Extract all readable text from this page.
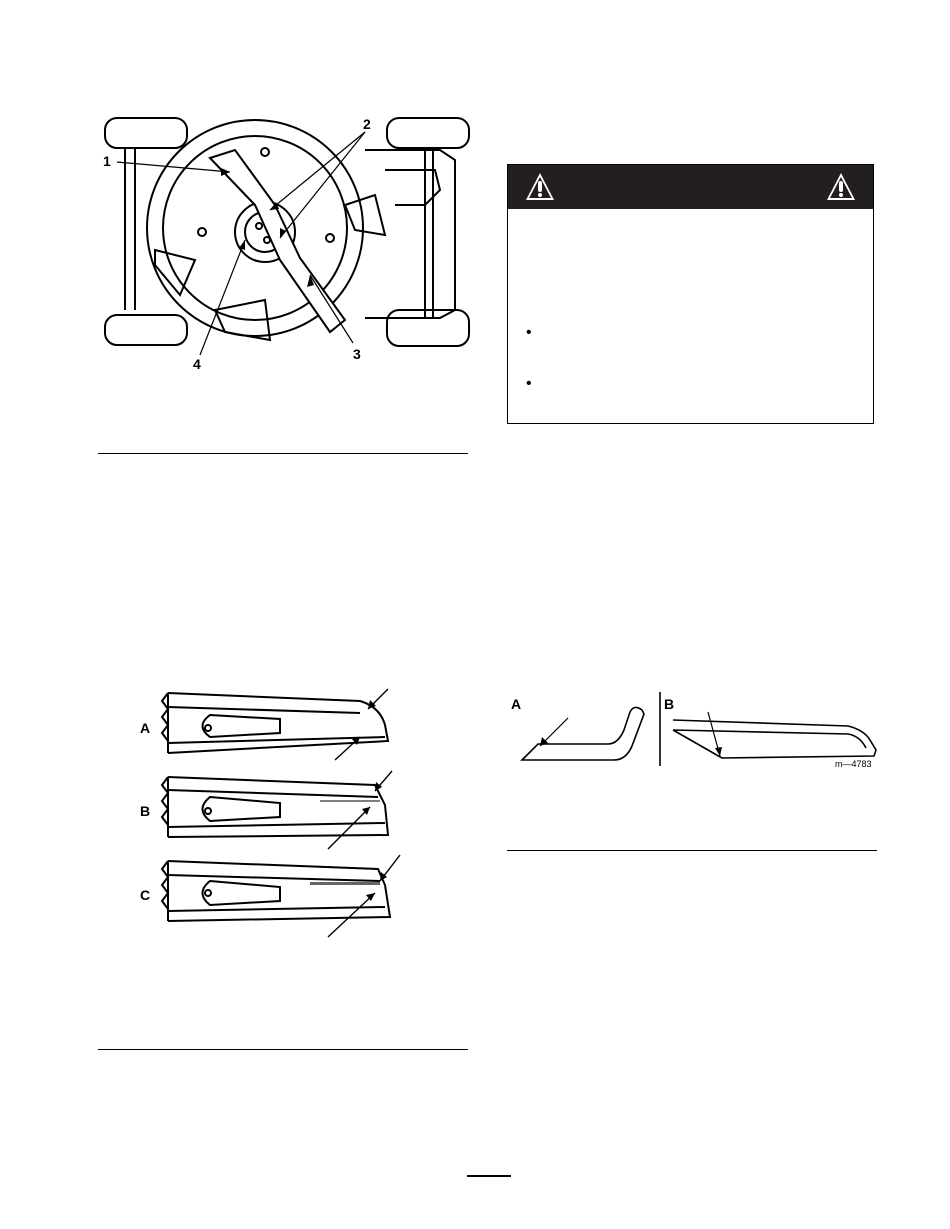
1
2
3
4
A
B
C
•
•
A	B
m—4783
